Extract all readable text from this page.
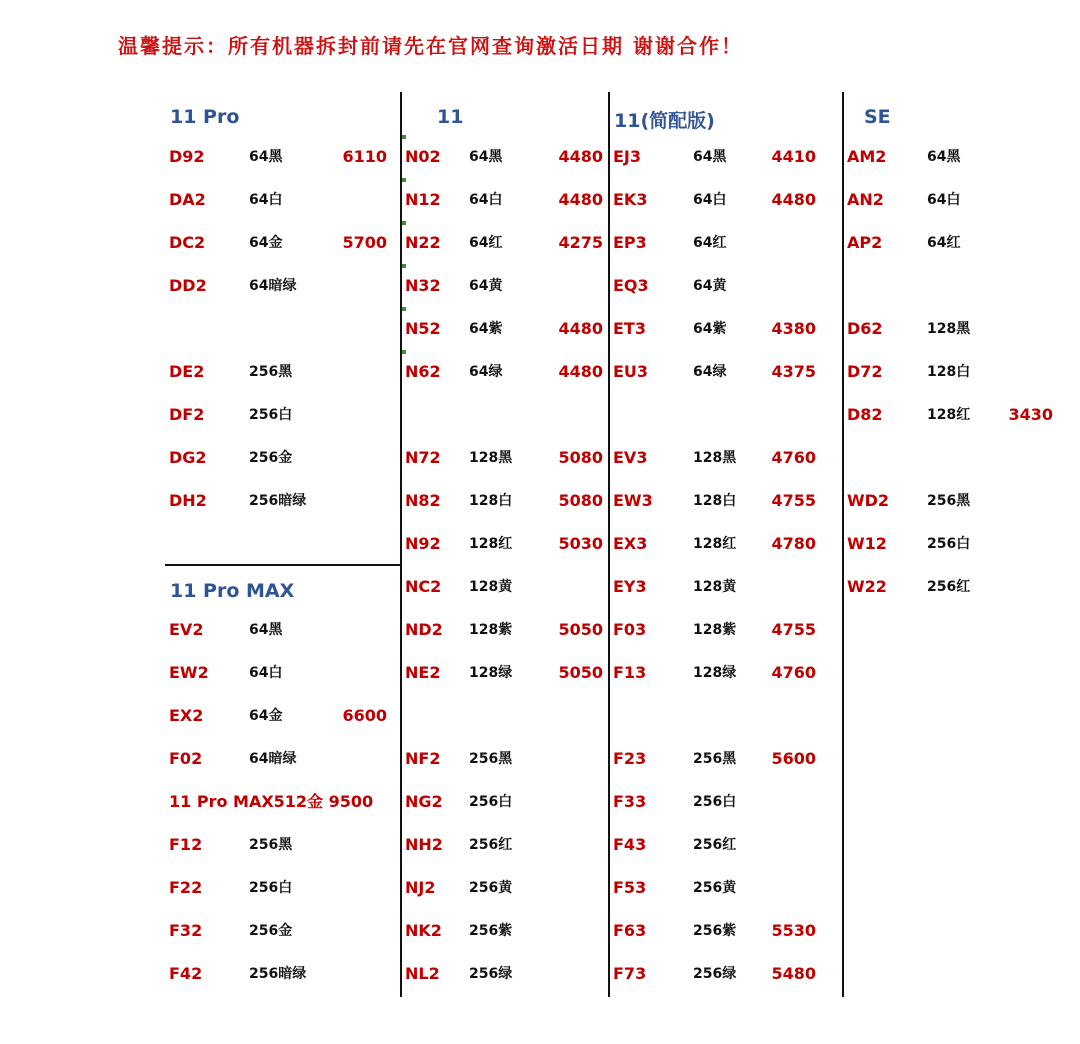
温馨提示：所有机器拆封前请先在官网查询激活日期 谢谢合作！
11 Pro
11 Pro MAX
11	11(简配版)	SE
D92	64黑	6110
DA2	64白
DC2	64金	5700
DD2	64暗绿
DE2	256黑
DF2	256白
DG2	256金
DH2	256暗绿
N02 64黑	4480
N12 64白	4480
N22 64红	4275
N32 64黄
N52 64紫	4480
N62 64绿	4480
N72 128黑	5080
N82 128白	5080
N92 128红	5030
NC2 128黄
ND2 128紫	5050
NE2 128绿	5050
NF2 256黑
NG2 256白
NH2 256红
NJ2 256黄
NK2 256紫
NL2 256绿
EJ3	64黑	4410
EK3	64白	4480
EP3	64红
EQ3	64黄
ET3	64紫	4380
EU3	64绿	4375
EV3	128黑	4760
EW3	128白	4755
EX3	128红	4780
EY3	128黄
F03	128紫	4755
F13	128绿	4760
F23	256黑	5600
F33	256白
F43	256红
F53	256黄
F63	256紫	5530
F73	256绿	5480
AM2	64黑
AN2	64白
AP2	64红
D62	128黑
D72	128白
D82	128红	3430
WD2	256黑
W12	256白
W22	256红
EV2	64黑
EW2	64白
EX2	64金	6600
F02	64暗绿
11 Pro MAX512金 9500
F12	256黑
F22	256白
F32	256金
F42	256暗绿
